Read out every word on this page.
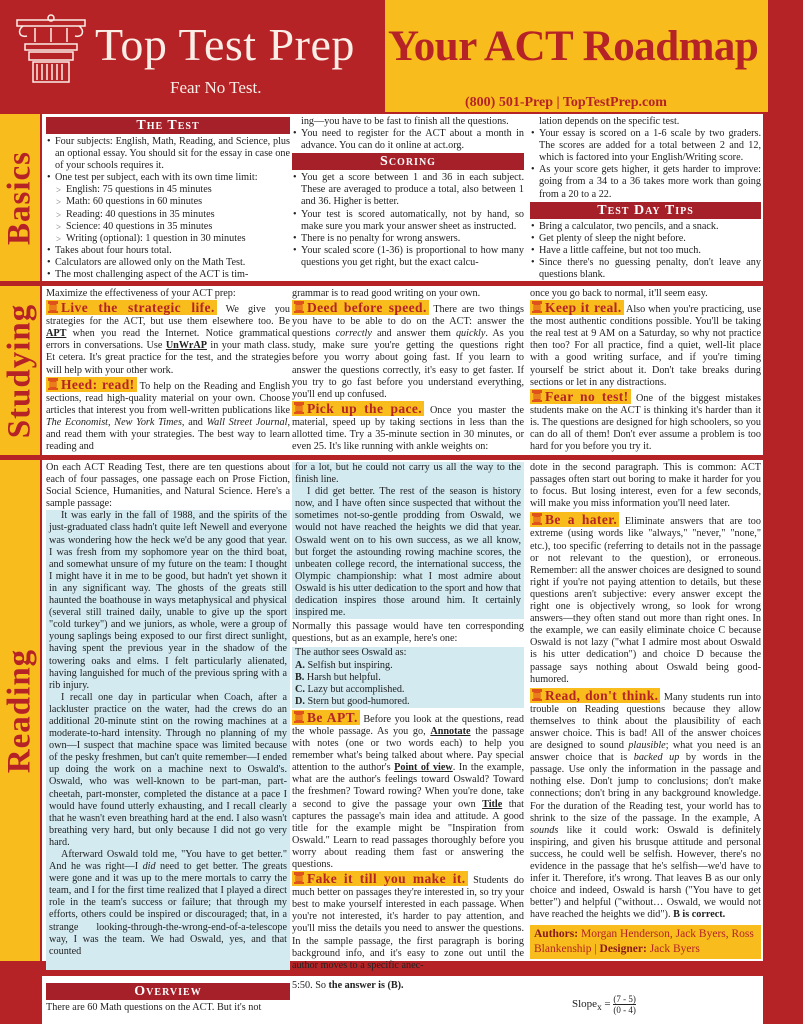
Top Test Prep
Fear No Test.
Your ACT Roadmap
(800) 501-Prep | TopTestPrep.com
Basics
Studying
Reading
The Test
• Four subjects: English, Math, Reading, and Science, plus an optional essay. You should sit for the essay in case one of your schools requires it.
• One test per subject, each with its own time limit:
> English: 75 questions in 45 minutes
> Math: 60 questions in 60 minutes
> Reading: 40 questions in 35 minutes
> Science: 40 questions in 35 minutes
> Writing (optional): 1 question in 30 minutes
• Takes about four hours total.
• Calculators are allowed only on the Math Test.
• The most challenging aspect of the ACT is tim-
ing—you have to be fast to finish all the questions.
• You need to register for the ACT about a month in advance. You can do it online at act.org.
Scoring
• You get a score between 1 and 36 in each subject. These are averaged to produce a total, also between 1 and 36. Higher is better.
• Your test is scored automatically, not by hand, so make sure you mark your answer sheet as instructed.
• There is no penalty for wrong answers.
• Your scaled score (1-36) is proportional to how many questions you get right, but the exact calcu-
lation depends on the specific test.
• Your essay is scored on a 1-6 scale by two graders. The scores are added for a total between 2 and 12, which is factored into your English/Writing score.
• As your score gets higher, it gets harder to improve: going from a 34 to a 36 takes more work than going from a 20 to a 22.
Test Day Tips
• Bring a calculator, two pencils, and a snack.
• Get plenty of sleep the night before.
• Have a little caffeine, but not too much.
• Since there's no guessing penalty, don't leave any questions blank.
Maximize the effectiveness of your ACT prep:
Live the strategic life. We give you strategies for the ACT, but use them elsewhere too. Be APT when you read the Internet. Notice grammatical errors in conversations. Use UnWrAP in your math class. Et cetera. It's great practice for the test, and the strategies will help with your other work.
Heed: read! To help on the Reading and English sections, read high-quality material on your own. Choose articles that interest you from well-written publications like The Economist, New York Times, and Wall Street Journal, and read them with your strategies. The best way to learn reading and
grammar is to read good writing on your own.
Deed before speed. There are two things you have to be able to do on the ACT: answer the questions correctly and answer them quickly. As you study, make sure you're getting the questions right before you worry about going fast. If you learn to answer the questions correctly, it's easy to get faster. If you try to go fast before you understand everything, you'll end up confused.
Pick up the pace. Once you master the material, speed up by taking sections in less than the allotted time. Try a 35-minute section in 30 minutes, or even 25. It's like running with ankle weights on:
once you go back to normal, it'll seem easy.
Keep it real. Also when you're practicing, use the most authentic conditions possible. You'll be taking the real test at 9 AM on a Saturday, so why not practice then too? For all practice, find a quiet, well-lit place with a good writing surface, and if you're timing yourself be strict about it. Don't take breaks during sections or let in any distractions.
Fear no test! One of the biggest mistakes students make on the ACT is thinking it's harder than it is. The questions are designed for high schoolers, so you can do all of them! Don't ever assume a problem is too hard for you before you try it.
On each ACT Reading Test, there are ten questions about each of four passages, one passage each on Prose Fiction, Social Science, Humanities, and Natural Science. Here's a sample passage:

It was early in the fall of 1988, and the spirits of the just-graduated class hadn't quite left Newell and everyone was wondering how the heck we'd be any good that year. I was fresh from my sophomore year on the third boat, and somewhat unsure of my future on the team: I thought I might have it in me to be good, but hadn't yet shown it in any significant way. The ghosts of the greats still haunted the boathouse in ways metaphysical and physical (several still trained daily, unable to give up the sport "cold turkey") and we juniors, as whole, were a group of young saplings being exposed to our first direct sunlight, having spent the previous year in the shadow of the towering oaks and elms. I felt particularly alienated, having languished for much of the previous spring with a rib injury.

I recall one day in particular when Coach, after a lackluster practice on the water, had the crews do an additional 20-minute stint on the rowing machines at a moderate-to-hard intensity. Through no planning of my own—I suspect that machine space was limited because of the pesky freshmen, but can't quite remember—I ended up doing the work on a machine next to Oswald's. Oswald, who was well-known to be part-man, part-cheetah, part-monster, completed the distance at a pace I would have found utterly exhausting, and I recall clearly that he wasn't even breathing hard at the end. I also wasn't breathing very hard, but only because I did not go very hard.

Afterward Oswald told me, "You have to get better." And he was right—I did need to get better. The greats were gone and it was up to the mere mortals to carry the team, and I for the first time realized that I played a direct role in the team's success or failure; that through my efforts, others could be inspired or discouraged; that, in a strange looking-through-the-wrong-end-of-a-telescope way, I was the team. We had Oswald, yes, and that counted

for a lot, but he could not carry us all the way to the finish line.

I did get better. The rest of the season is history now, and I have often since suspected that without the sometimes not-so-gentle prodding from Oswald, we would not have reached the heights we did that year. Oswald went on to his own success, as we all know, but forget the astounding rowing machine scores, the unbeaten college record, the international success, the Olympic championship: what I most admire about Oswald is his utter dedication to the sport and how that dedication inspires those around him. It certainly inspired me.

Normally this passage would have ten corresponding questions, but as an example, here's one:
The author sees Oswald as:
A. Selfish but inspiring.
B. Harsh but helpful.
C. Lazy but accomplished.
D. Stern but good-humored.
Be APT. Before you look at the questions, read the whole passage. As you go, Annotate the passage with notes (one or two words each) to help you remember what's being talked about where. Pay special attention to the author's Point of view. In the example, what are the author's feelings toward Oswald? Toward the freshmen? Toward rowing? When you're done, take a second to give the passage your own Title that captures the passage's main idea and attitude. A good title for the example might be "Inspiration from Oswald." Learn to read passages thoroughly before you worry about reading them fast or answering the questions.
Fake it till you make it. Students do much better on passages they're interested in, so try your best to make yourself interested in each passage. When you're not interested, it's harder to pay attention, and you'll miss the details you need to answer the questions. In the sample passage, the first paragraph is boring background info, and it's easy to zone out until the author moves to a specific anec-
dote in the second paragraph. This is common: ACT passages often start out boring to make it harder for you to focus. But losing interest, even for a few seconds, will make you miss information you'll need later.
Be a hater. Eliminate answers that are too extreme (using words like "always," "never," "none," etc.), too specific (referring to details not in the passage or not relevant to the question), or erroneous. Remember: all the answer choices are designed to sound right if you're not paying attention to details, but these questions aren't subjective: every answer except the right one is objectively wrong, so look for wrong answers—they often stand out more than right ones. In the example, we can easily eliminate choice C because Oswald is not lazy ("what I admire most about Oswald is his utter dedication") and choice D because the passage says nothing about Oswald being good-humored.
Read, don't think. Many students run into trouble on Reading questions because they allow themselves to think about the plausibility of each answer choice. This is bad! All of the answer choices are designed to sound plausible; what you need is an answer choice that is backed up by words in the passage. Use only the information in the passage and nothing else. Don't jump to conclusions; don't make connections; don't bring in any background knowledge. For the duration of the Reading test, your world has to shrink to the size of the passage. In the example, A sounds like it could work: Oswald is definitely inspiring, and given his brusque attitude and personal success, he could well be selfish. However, there's no evidence in the passage that he's selfish—we'd have to infer it. Therefore, it's wrong. That leaves B as our only choice and indeed, Oswald is harsh ("You have to get better") and helpful ("without… Oswald, we would not have reached the heights we did"). B is correct.
Authors: Morgan Henderson, Jack Byers, Ross Blankenship | Designer: Jack Byers
Overview
There are 60 Math questions on the ACT. But it's not
5:50. So the answer is (B).
Slope$_x$ = $\frac{(7 - 5)}{(0 - 4)}$
